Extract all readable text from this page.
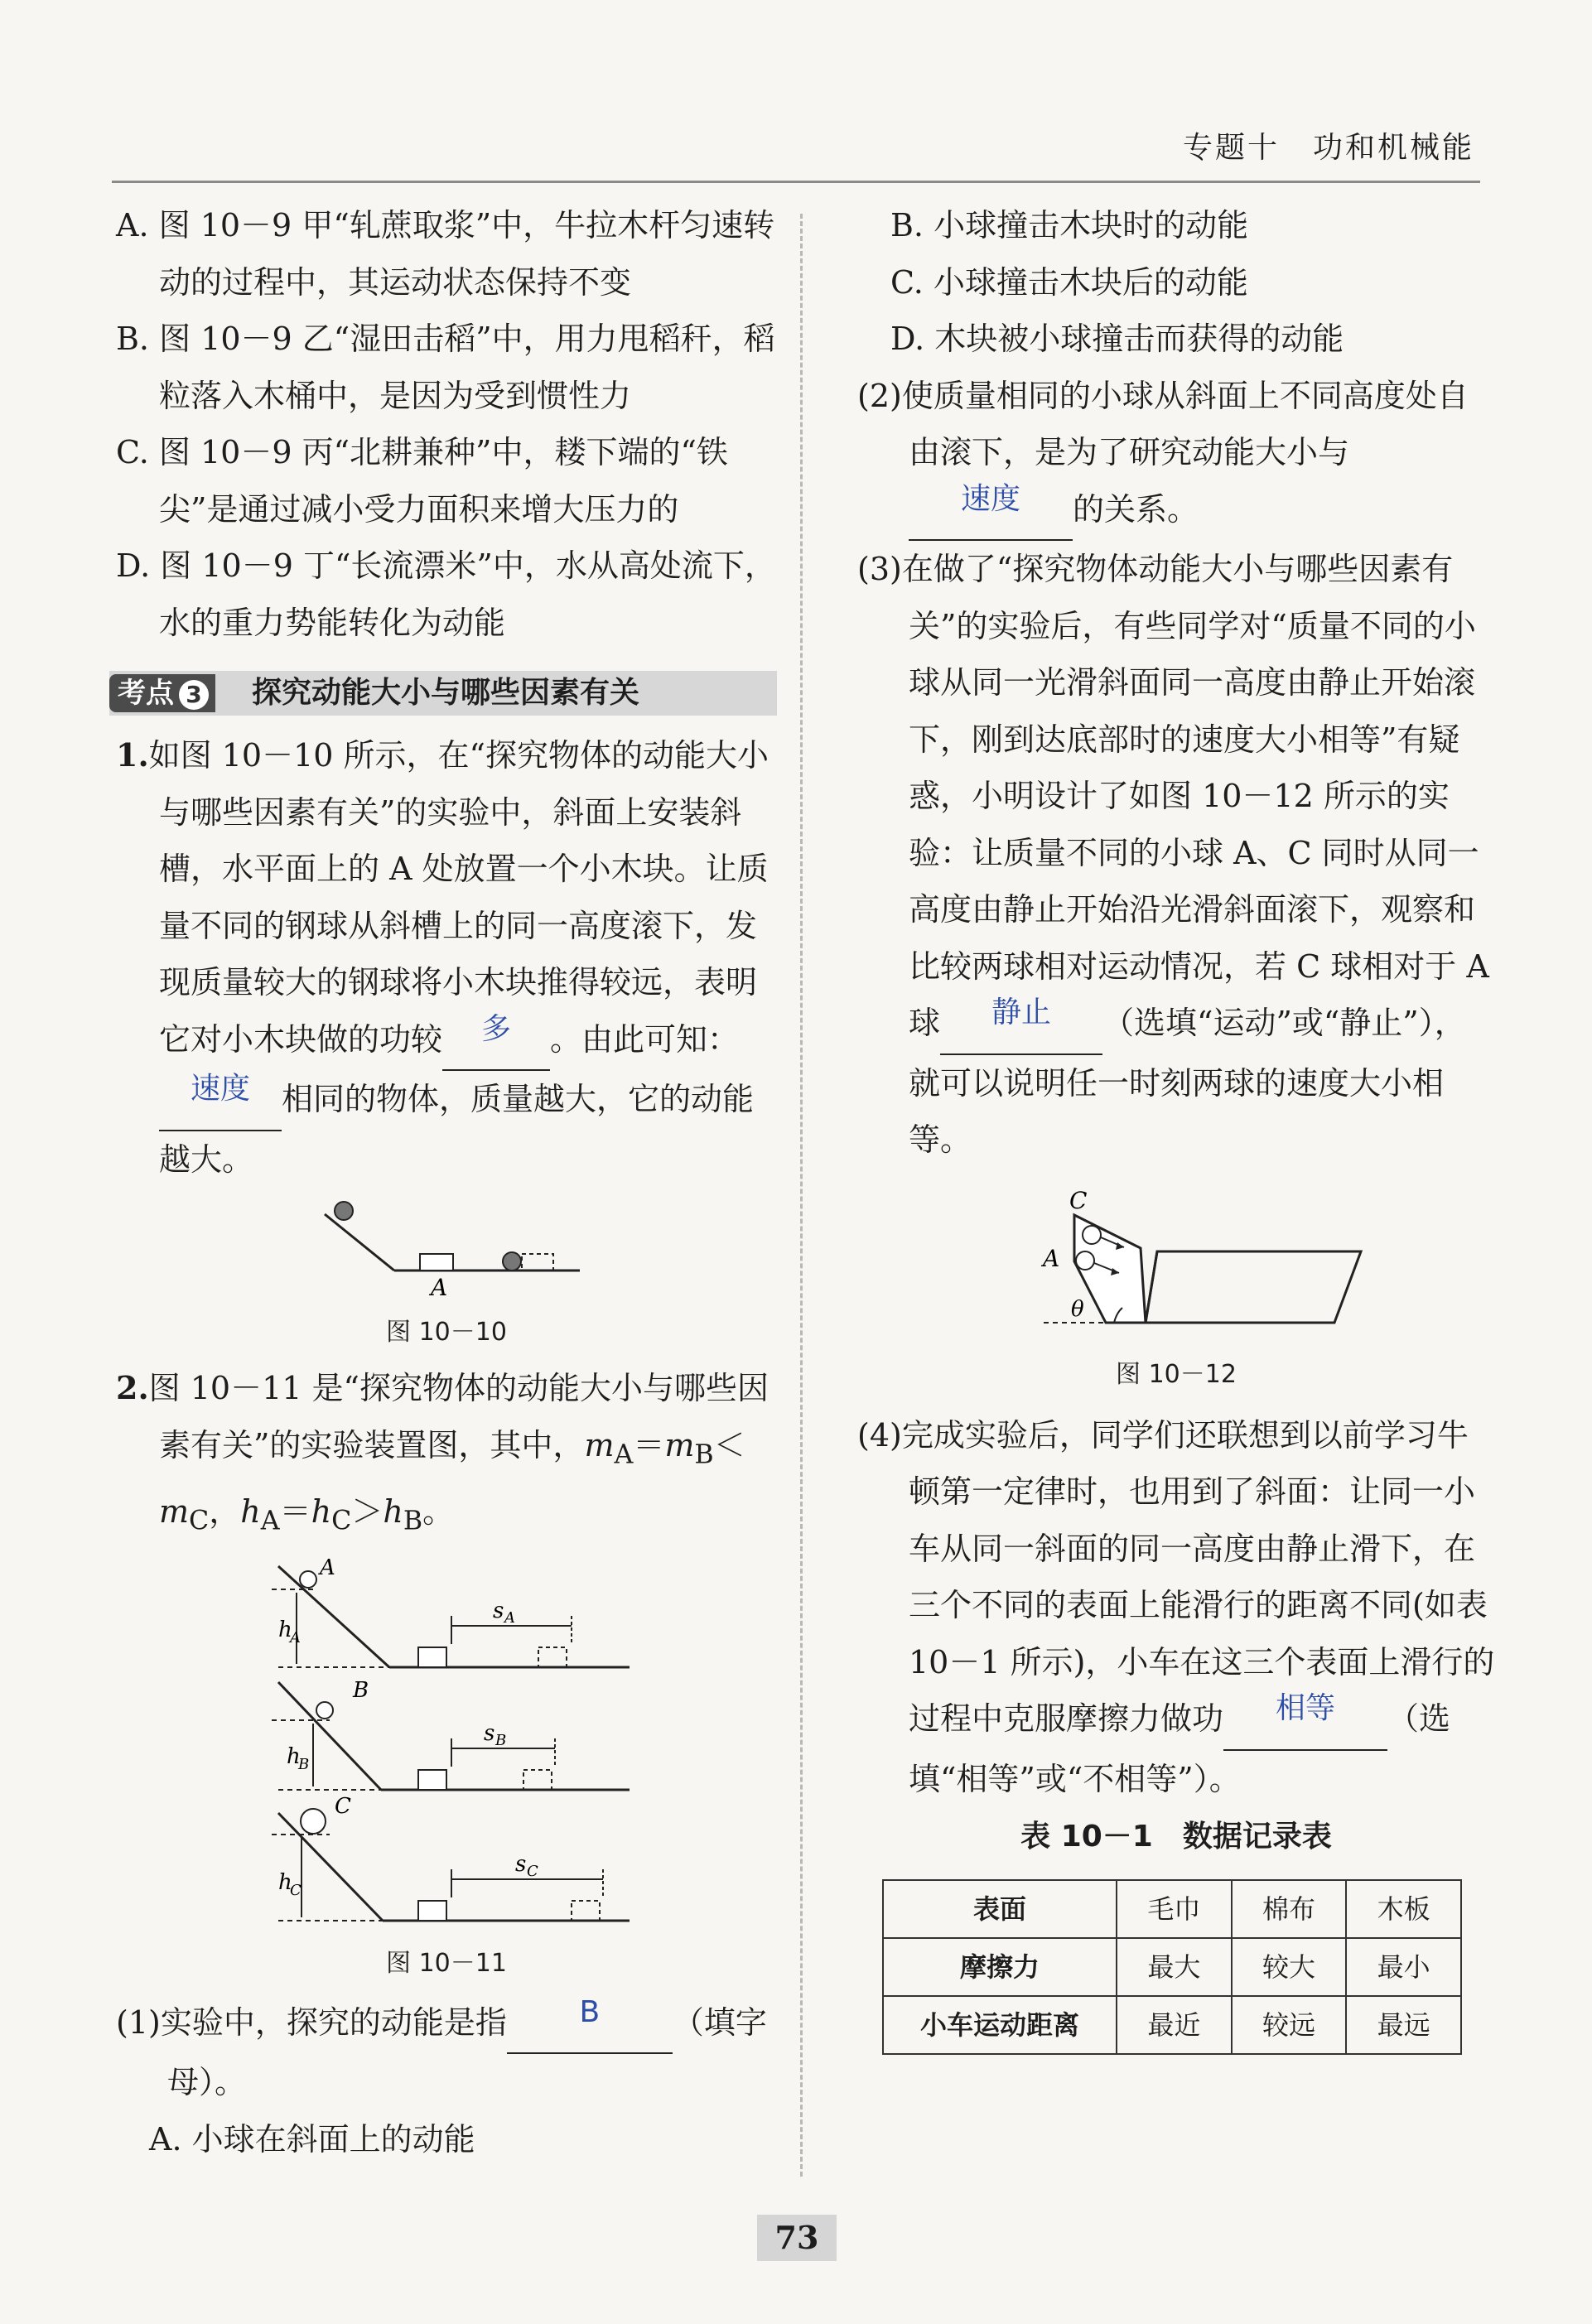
专题十 功和机械能
A. 图 10－9 甲“轧蔗取浆”中，牛拉木杆匀速转动的过程中，其运动状态保持不变
B. 图 10－9 乙“湿田击稻”中，用力甩稻秆，稻粒落入木桶中，是因为受到惯性力
C. 图 10－9 丙“北耕兼种”中，耧下端的“铁尖”是通过减小受力面积来增大压力的
D. 图 10－9 丁“长流漂米”中，水从高处流下，水的重力势能转化为动能
考点 3	探究动能大小与哪些因素有关
1.如图 10－10 所示，在“探究物体的动能大小与哪些因素有关”的实验中，斜面上安装斜槽，水平面上的 A 处放置一个小木块。让质量不同的钢球从斜槽上的同一高度滚下，发现质量较大的钢球将小木块推得较远，表明它对小木块做的功较 多 。由此可知：速度 相同的物体，质量越大，它的动能越大。
A
图 10－10
2.图 10－11 是“探究物体的动能大小与哪些因素有关”的实验装置图，其中，$m_A=m_B<m_C$，$h_A=h_C>h_B$。
h
A
A
s A
h
B
B
s B
h
C
C
s C
图 10－11
(1)实验中，探究的动能是指 B （填字母）。
A. 小球在斜面上的动能
B. 小球撞击木块时的动能
C. 小球撞击木块后的动能
D. 木块被小球撞击而获得的动能
(2)使质量相同的小球从斜面上不同高度处自由滚下，是为了研究动能大小与速度 的关系。
(3)在做了“探究物体动能大小与哪些因素有关”的实验后，有些同学对“质量不同的小球从同一光滑斜面同一高度由静止开始滚下，刚到达底部时的速度大小相等”有疑惑，小明设计了如图 10－12 所示的实验：让质量不同的小球 A、C 同时从同一高度由静止开始沿光滑斜面滚下，观察和比较两球相对运动情况，若 C 球相对于 A 球 静止 （选填“运动”或“静止”），就可以说明任一时刻两球的速度大小相等。
C
A
θ
图 10－12
(4)完成实验后，同学们还联想到以前学习牛顿第一定律时，也用到了斜面：让同一小车从同一斜面的同一高度由静止滑下，在三个不同的表面上能滑行的距离不同(如表 10－1 所示)，小车在这三个表面上滑行的过程中克服摩擦力做功 相等 （选填“相等”或“不相等”）。
表 10－1　数据记录表
表面	毛巾	棉布	木板
摩擦力	最大	较大	最小
小车运动距离	最近	较远	最远
73
